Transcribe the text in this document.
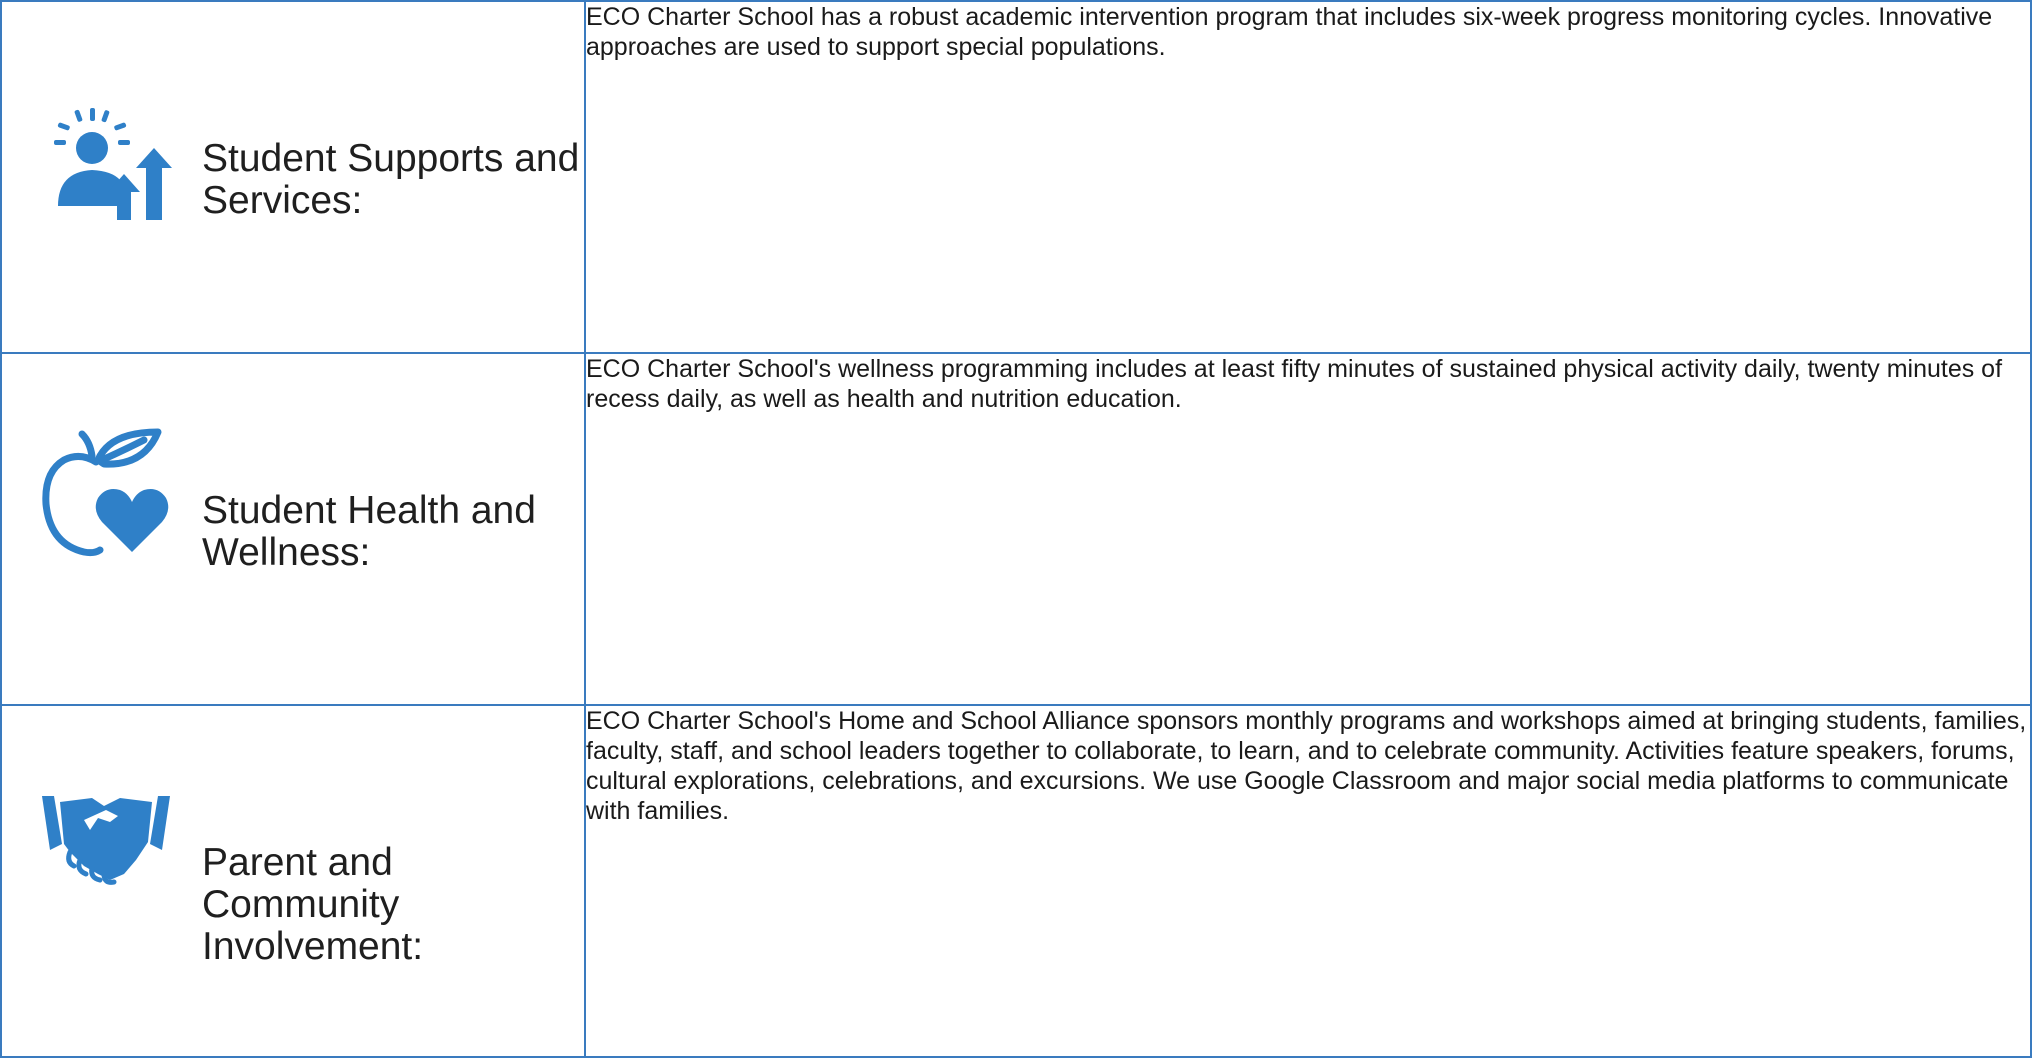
Student Supports and Services:	ECO Charter School has a robust academic intervention program that includes six-week progress monitoring cycles. Innovative approaches are used to support special populations.

Student Health and Wellness:	ECO Charter School's wellness programming includes at least fifty minutes of sustained physical activity daily, twenty minutes of recess daily, as well as health and nutrition education.

Parent and Community Involvement:	ECO Charter School's Home and School Alliance sponsors monthly programs and workshops aimed at bringing students, families, faculty, staff, and school leaders together to collaborate, to learn, and to celebrate community. Activities feature speakers, forums, cultural explorations, celebrations, and excursions. We use Google Classroom and major social media platforms to communicate with families.
